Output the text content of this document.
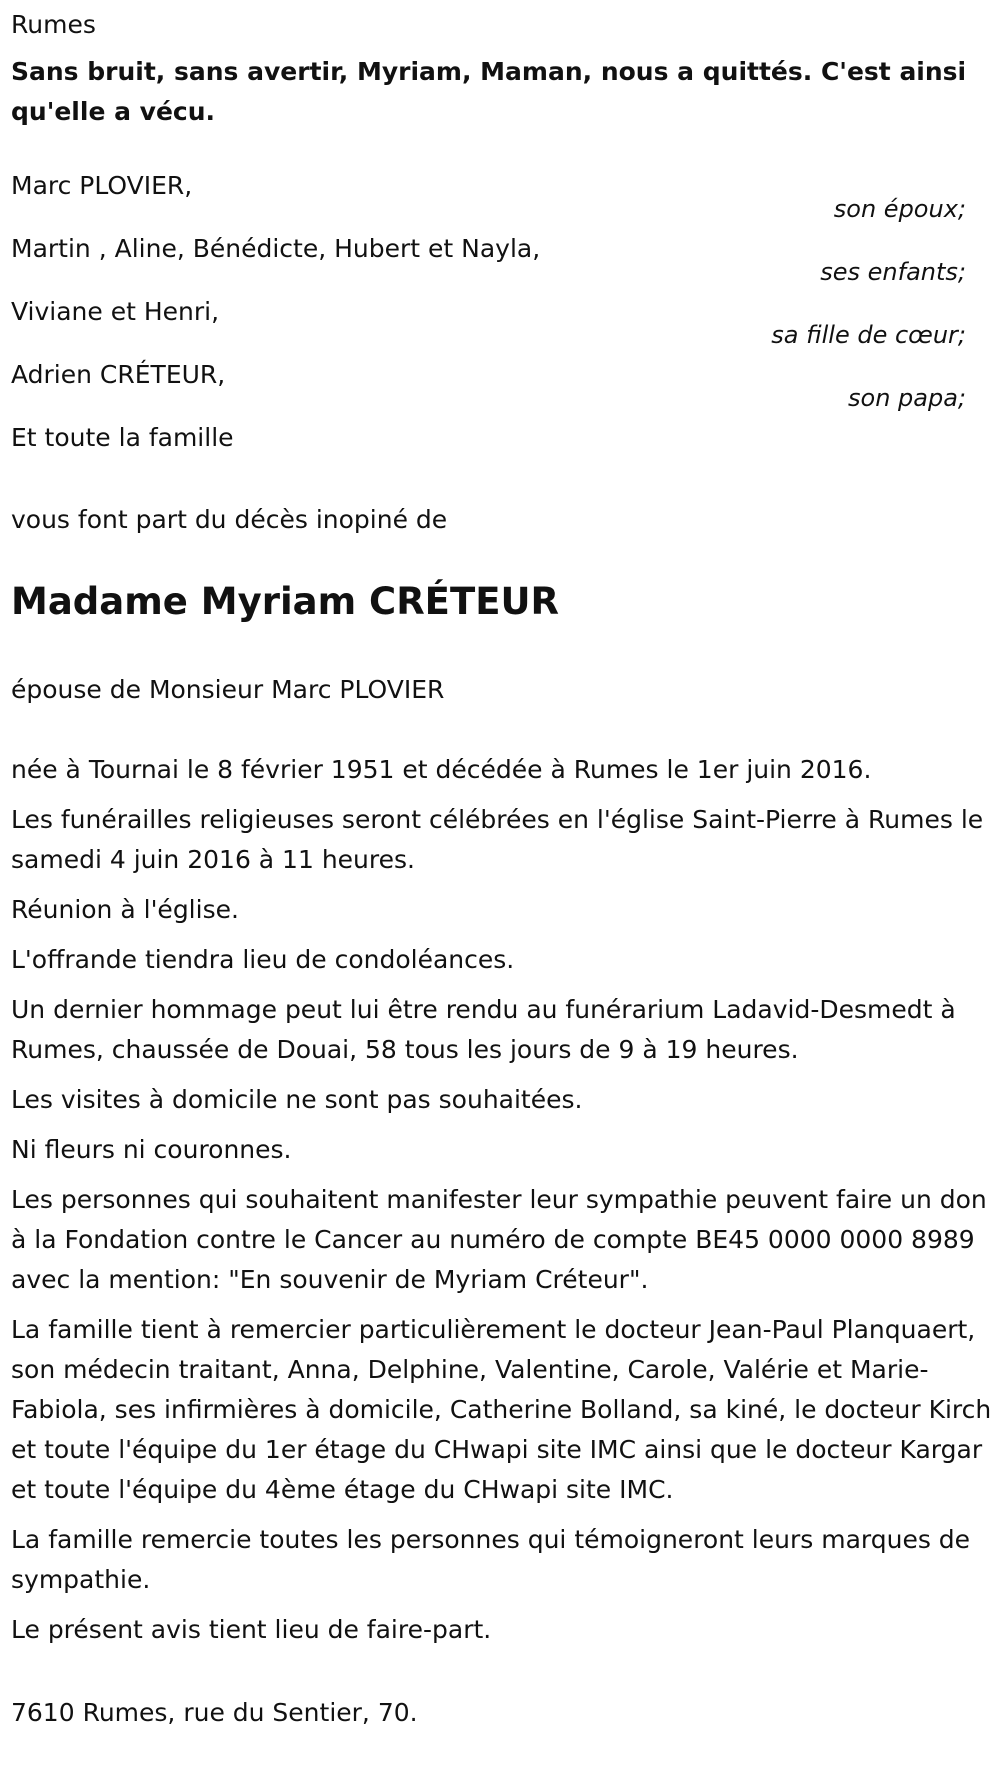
Rumes

Sans bruit, sans avertir, Myriam, Maman, nous a quittés. C'est ainsi qu'elle a vécu.

Marc PLOVIER,
son époux;
Martin , Aline, Bénédicte, Hubert et Nayla,
ses enfants;
Viviane et Henri,
sa fille de cœur;
Adrien CRÉTEUR,
son papa;
Et toute la famille

vous font part du décès inopiné de

Madame Myriam CRÉTEUR

épouse de Monsieur Marc PLOVIER

née à Tournai le 8 février 1951 et décédée à Rumes le 1er juin 2016.

Les funérailles religieuses seront célébrées en l'église Saint-Pierre à Rumes le samedi 4 juin 2016 à 11 heures.

Réunion à l'église.

L'offrande tiendra lieu de condoléances.

Un dernier hommage peut lui être rendu au funérarium Ladavid-Desmedt à Rumes, chaussée de Douai, 58 tous les jours de 9 à 19 heures.

Les visites à domicile ne sont pas souhaitées.

Ni fleurs ni couronnes.

Les personnes qui souhaitent manifester leur sympathie peuvent faire un don à la Fondation contre le Cancer au numéro de compte BE45 0000 0000 8989 avec la mention: "En souvenir de Myriam Créteur".

La famille tient à remercier particulièrement le docteur Jean-Paul Planquaert, son médecin traitant, Anna, Delphine, Valentine, Carole, Valérie et Marie-Fabiola, ses infirmières à domicile, Catherine Bolland, sa kiné, le docteur Kirch et toute l'équipe du 1er étage du CHwapi site IMC ainsi que le docteur Kargar et toute l'équipe du 4ème étage du CHwapi site IMC.

La famille remercie toutes les personnes qui témoigneront leurs marques de sympathie.

Le présent avis tient lieu de faire-part.

7610 Rumes, rue du Sentier, 70.
